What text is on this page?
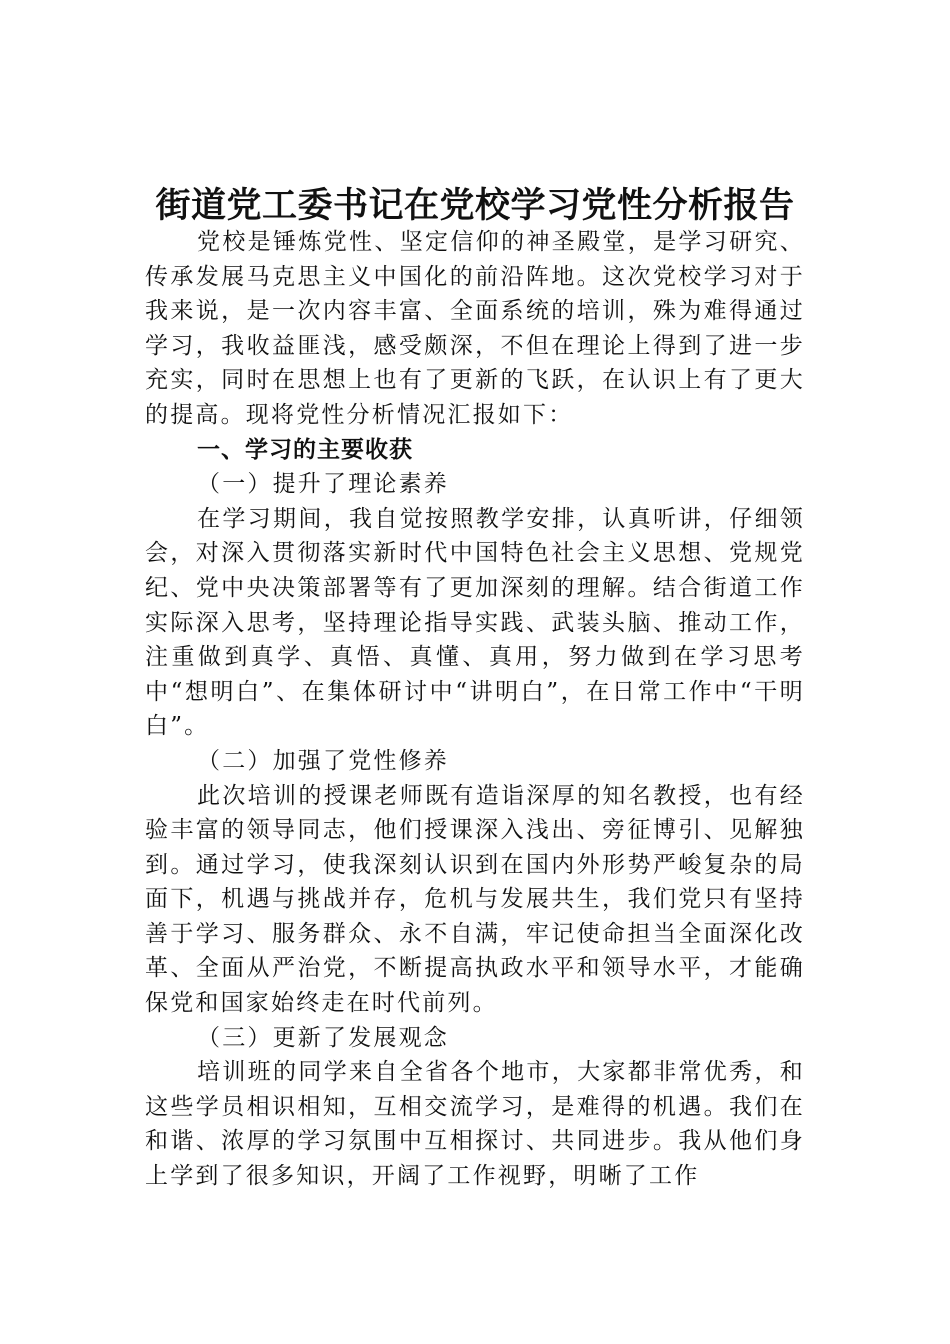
街道党工委书记在党校学习党性分析报告

党校是锤炼党性、坚定信仰的神圣殿堂，是学习研究、传承发展马克思主义中国化的前沿阵地。这次党校学习对于我来说，是一次内容丰富、全面系统的培训，殊为难得通过学习，我收益匪浅，感受颇深，不但在理论上得到了进一步充实，同时在思想上也有了更新的飞跃，在认识上有了更大的提高。现将党性分析情况汇报如下：

一、学习的主要收获

（一）提升了理论素养

在学习期间，我自觉按照教学安排，认真听讲，仔细领会，对深入贯彻落实新时代中国特色社会主义思想、党规党纪、党中央决策部署等有了更加深刻的理解。结合街道工作实际深入思考，坚持理论指导实践、武装头脑、推动工作，注重做到真学、真悟、真懂、真用，努力做到在学习思考中“想明白”、在集体研讨中“讲明白”，在日常工作中“干明白”。

（二）加强了党性修养

此次培训的授课老师既有造诣深厚的知名教授，也有经验丰富的领导同志，他们授课深入浅出、旁征博引、见解独到。通过学习，使我深刻认识到在国内外形势严峻复杂的局面下，机遇与挑战并存，危机与发展共生，我们党只有坚持善于学习、服务群众、永不自满，牢记使命担当全面深化改革、全面从严治党，不断提高执政水平和领导水平，才能确保党和国家始终走在时代前列。

（三）更新了发展观念

培训班的同学来自全省各个地市，大家都非常优秀，和这些学员相识相知，互相交流学习，是难得的机遇。我们在和谐、浓厚的学习氛围中互相探讨、共同进步。我从他们身上学到了很多知识，开阔了工作视野，明晰了工作
